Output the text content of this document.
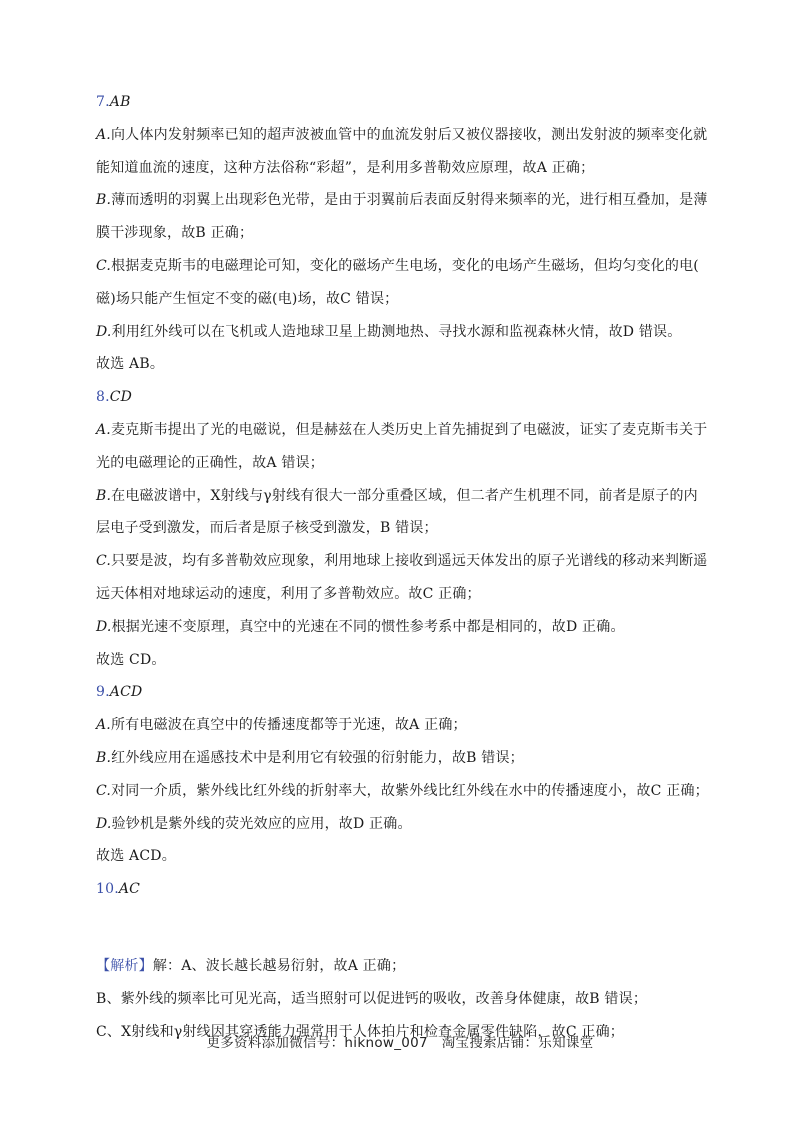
7.AB
A.向人体内发射频率已知的超声波被血管中的血流发射后又被仪器接收，测出发射波的频率变化就
能知道血流的速度，这种方法俗称“彩超”，是利用多普勒效应原理，故A 正确；
B.薄而透明的羽翼上出现彩色光带，是由于羽翼前后表面反射得来频率的光，进行相互叠加，是薄
膜干涉现象，故B 正确；
C.根据麦克斯韦的电磁理论可知，变化的磁场产生电场，变化的电场产生磁场，但均匀变化的电(
磁)场只能产生恒定不变的磁(电)场，故C 错误；
D.利用红外线可以在飞机或人造地球卫星上勘测地热、寻找水源和监视森林火情，故D 错误。
故选 AB。
8.CD
A.麦克斯韦提出了光的电磁说，但是赫兹在人类历史上首先捕捉到了电磁波，证实了麦克斯韦关于
光的电磁理论的正确性，故A 错误；
B.在电磁波谱中，X射线与γ射线有很大一部分重叠区域，但二者产生机理不同，前者是原子的内
层电子受到激发，而后者是原子核受到激发，B 错误；
C.只要是波，均有多普勒效应现象，利用地球上接收到遥远天体发出的原子光谱线的移动来判断遥
远天体相对地球运动的速度，利用了多普勒效应。故C 正确；
D.根据光速不变原理，真空中的光速在不同的惯性参考系中都是相同的，故D 正确。
故选 CD。
9.ACD
A.所有电磁波在真空中的传播速度都等于光速，故A 正确；
B.红外线应用在遥感技术中是利用它有较强的衍射能力，故B 错误；
C.对同一介质，紫外线比红外线的折射率大，故紫外线比红外线在水中的传播速度小，故C 正确；
D.验钞机是紫外线的荧光效应的应用，故D 正确。
故选 ACD。
10.AC
【解析】解：A、波长越长越易衍射，故A 正确；
B、紫外线的频率比可见光高，适当照射可以促进钙的吸收，改善身体健康，故B 错误；
C、X射线和γ射线因其穿透能力强常用于人体拍片和检查金属零件缺陷，故C 正确；
更多资料添加微信号：hiknow_007　淘宝搜索店铺：乐知课堂
